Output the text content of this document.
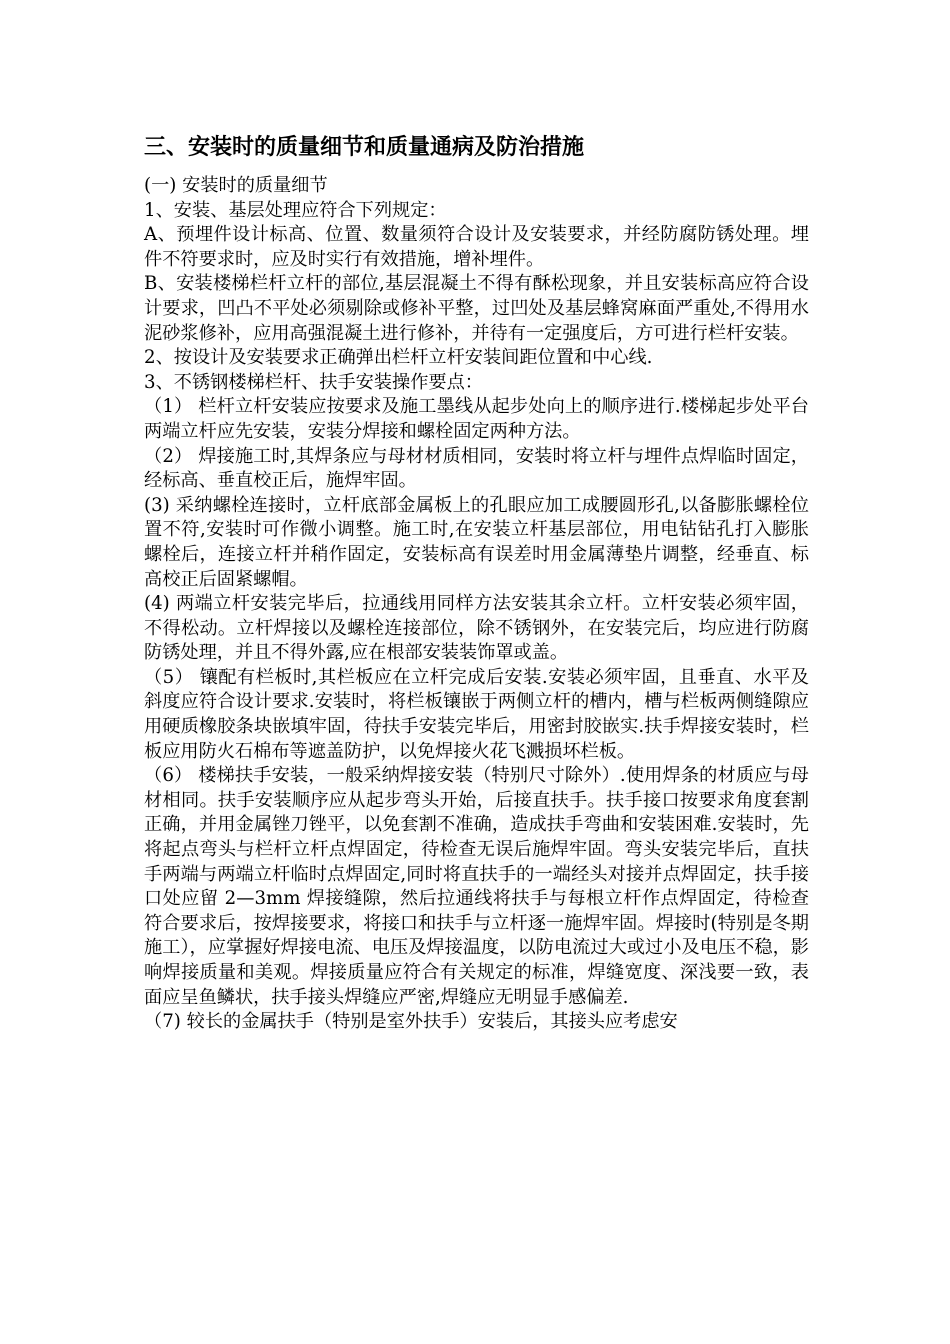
三、安装时的质量细节和质量通病及防治措施

(一) 安装时的质量细节

1、安装、基层处理应符合下列规定：

A、预埋件设计标高、位置、数量须符合设计及安装要求，并经防腐防锈处理。埋件不符要求时，应及时实行有效措施，增补埋件。

B、安装楼梯栏杆立杆的部位,基层混凝土不得有酥松现象，并且安装标高应符合设计要求，凹凸不平处必须剔除或修补平整，过凹处及基层蜂窝麻面严重处,不得用水泥砂浆修补，应用高强混凝土进行修补，并待有一定强度后，方可进行栏杆安装。

2、按设计及安装要求正确弹出栏杆立杆安装间距位置和中心线.

3、不锈钢楼梯栏杆、扶手安装操作要点：

（1） 栏杆立杆安装应按要求及施工墨线从起步处向上的顺序进行.楼梯起步处平台两端立杆应先安装，安装分焊接和螺栓固定两种方法。

（2） 焊接施工时,其焊条应与母材材质相同，安装时将立杆与埋件点焊临时固定，经标高、垂直校正后，施焊牢固。

(3) 采纳螺栓连接时，立杆底部金属板上的孔眼应加工成腰圆形孔,以备膨胀螺栓位置不符,安装时可作微小调整。施工时,在安装立杆基层部位，用电钻钻孔打入膨胀螺栓后，连接立杆并稍作固定，安装标高有误差时用金属薄垫片调整，经垂直、标高校正后固紧螺帽。

(4) 两端立杆安装完毕后，拉通线用同样方法安装其余立杆。立杆安装必须牢固，不得松动。立杆焊接以及螺栓连接部位，除不锈钢外，在安装完后，均应进行防腐防锈处理，并且不得外露,应在根部安装装饰罩或盖。

（5） 镶配有栏板时,其栏板应在立杆完成后安装.安装必须牢固，且垂直、水平及斜度应符合设计要求.安装时，将栏板镶嵌于两侧立杆的槽内，槽与栏板两侧缝隙应用硬质橡胶条块嵌填牢固，待扶手安装完毕后，用密封胶嵌实.扶手焊接安装时，栏板应用防火石棉布等遮盖防护，以免焊接火花飞溅损坏栏板。

（6） 楼梯扶手安装，一般采纳焊接安装（特别尺寸除外）.使用焊条的材质应与母材相同。扶手安装顺序应从起步弯头开始，后接直扶手。扶手接口按要求角度套割正确，并用金属锉刀锉平，以免套割不准确，造成扶手弯曲和安装困难.安装时，先将起点弯头与栏杆立杆点焊固定，待检查无误后施焊牢固。弯头安装完毕后，直扶手两端与两端立杆临时点焊固定,同时将直扶手的一端经头对接并点焊固定，扶手接口处应留 2—3mm 焊接缝隙，然后拉通线将扶手与每根立杆作点焊固定，待检查符合要求后，按焊接要求，将接口和扶手与立杆逐一施焊牢固。焊接时(特别是冬期施工），应掌握好焊接电流、电压及焊接温度，以防电流过大或过小及电压不稳，影响焊接质量和美观。焊接质量应符合有关规定的标准，焊缝宽度、深浅要一致，表面应呈鱼鳞状，扶手接头焊缝应严密,焊缝应无明显手感偏差.

（7) 较长的金属扶手（特别是室外扶手）安装后，其接头应考虑安
